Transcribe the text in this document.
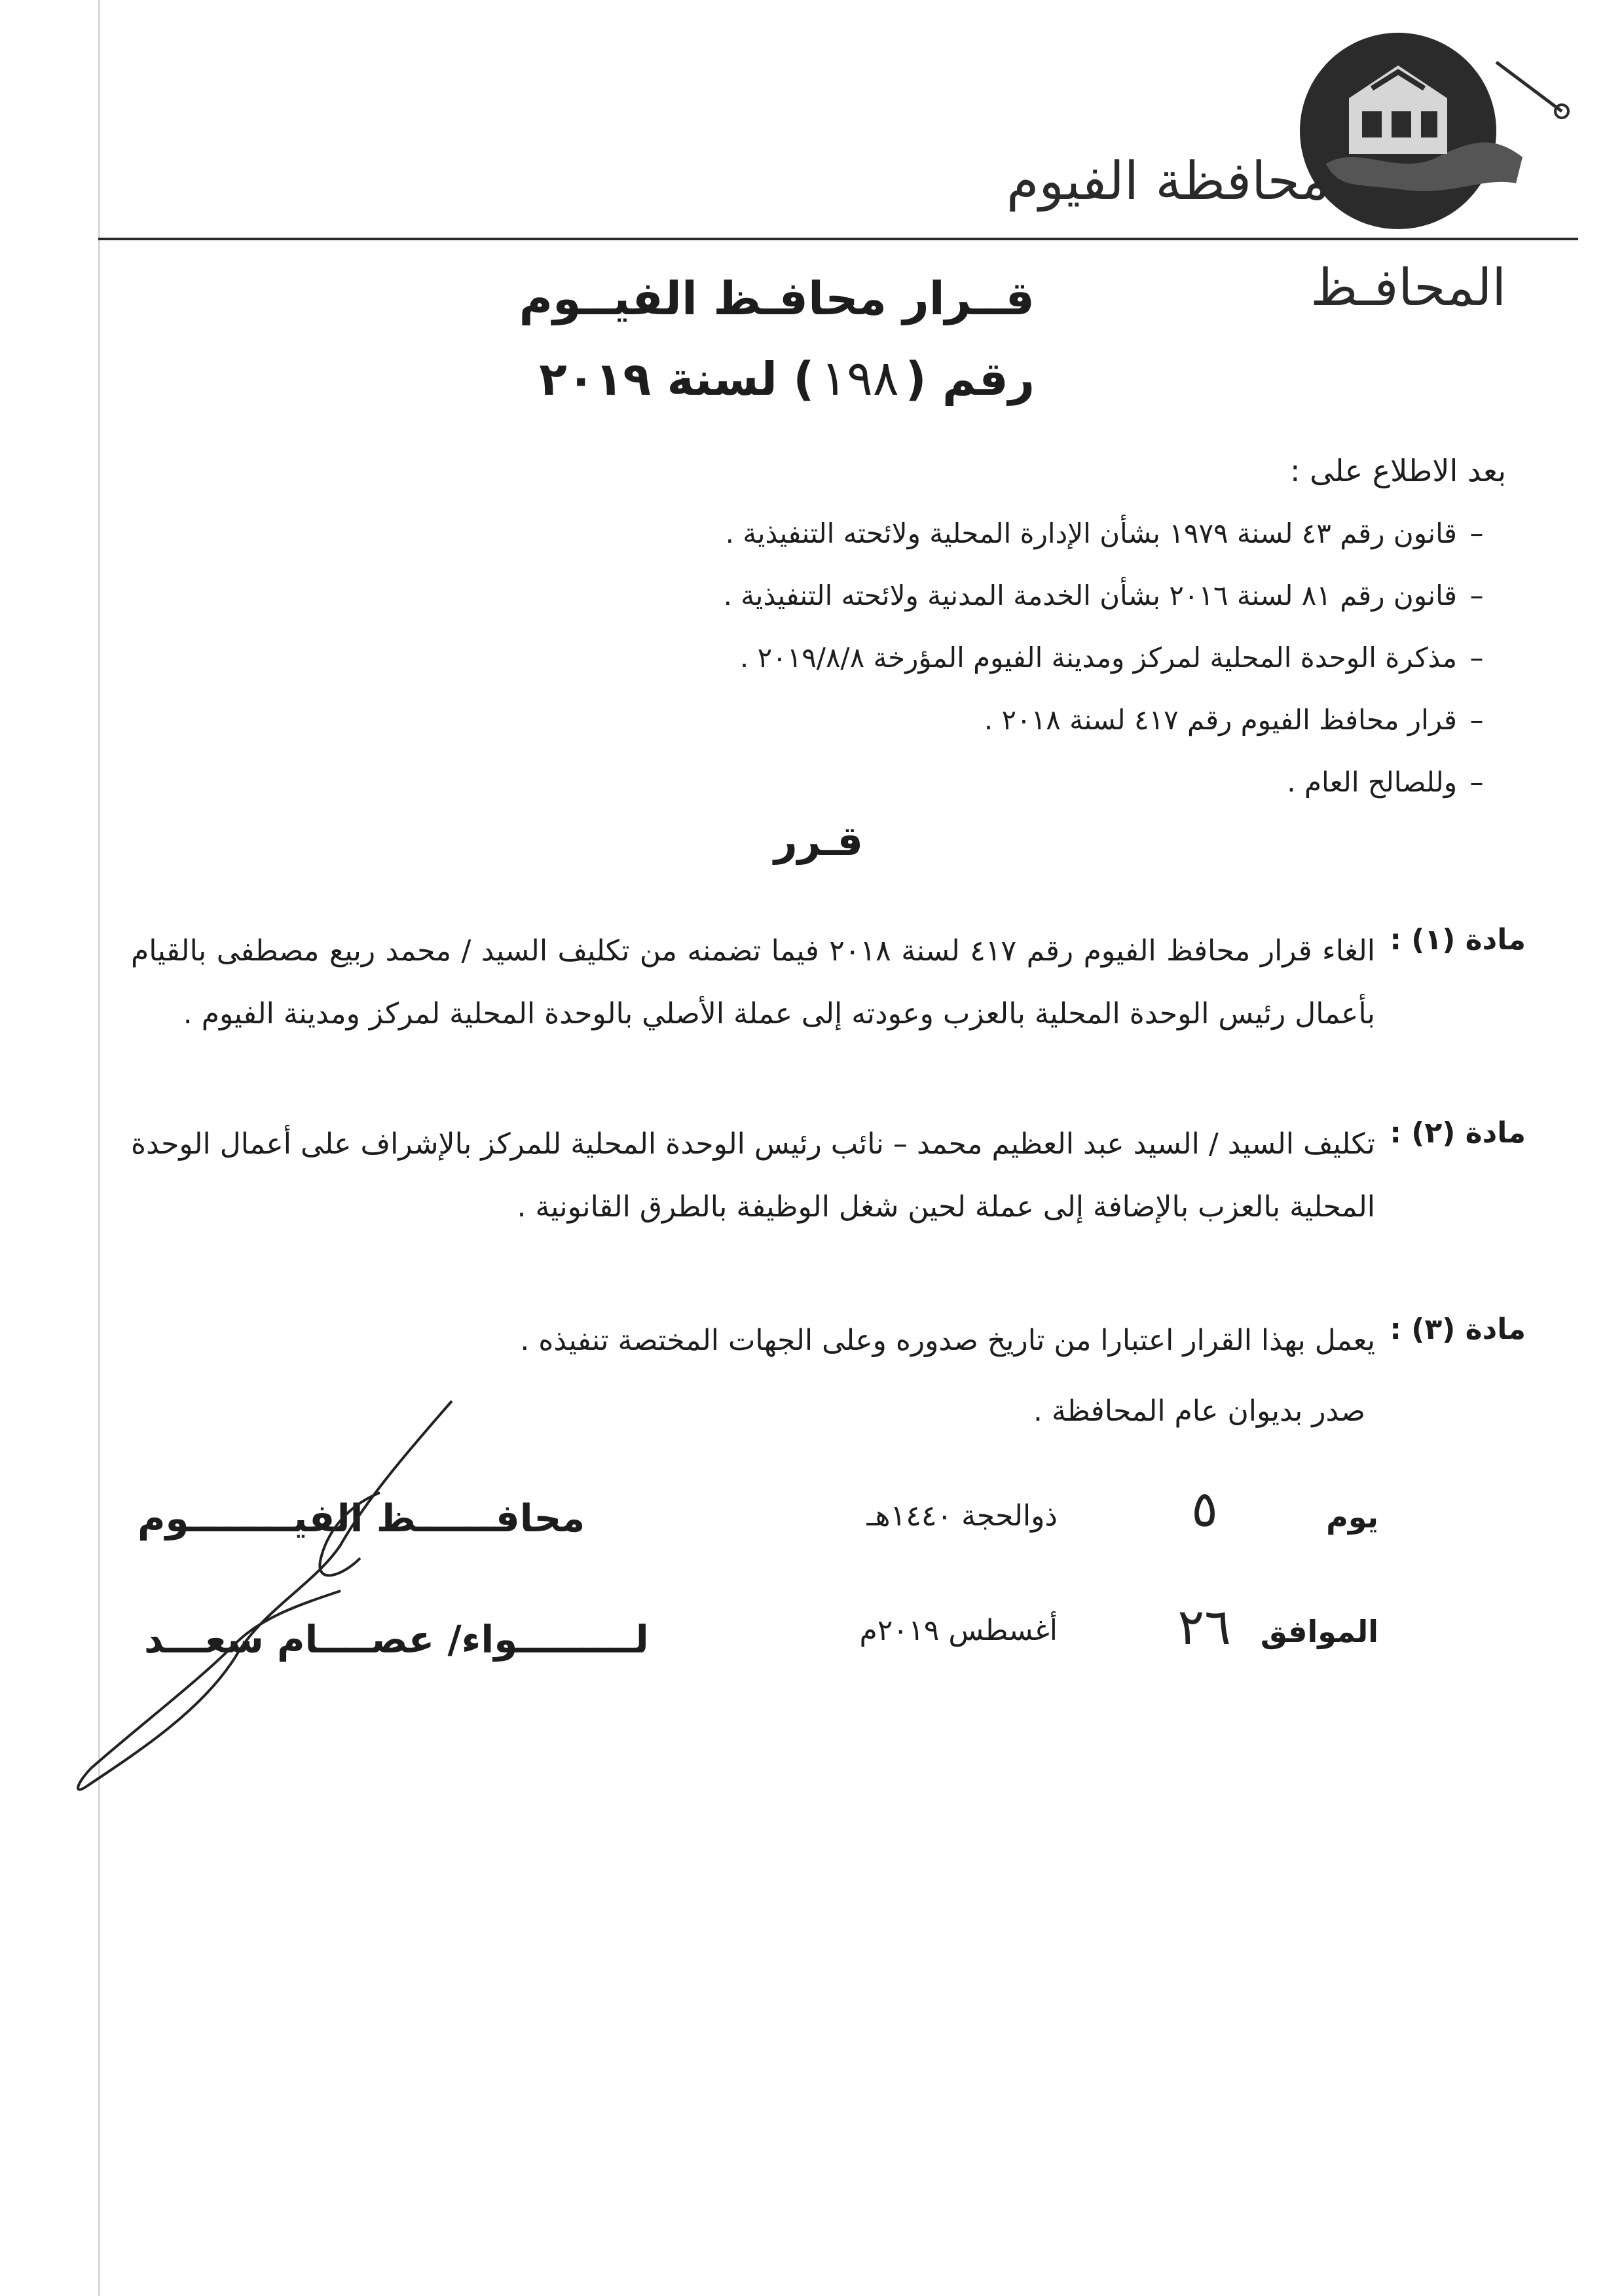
محافظة الفيوم
المحافـظ
قــرار محافـظ الفيــوم
رقم (١٩٨) لسنة ٢٠١٩
بعد الاطلاع على :
–قانون رقم ٤٣ لسنة ١٩٧٩ بشأن الإدارة المحلية ولائحته التنفيذية .
–قانون رقم ٨١ لسنة ٢٠١٦ بشأن الخدمة المدنية ولائحته التنفيذية .
–مذكرة الوحدة المحلية لمركز ومدينة الفيوم المؤرخة ٢٠١٩/٨/٨ .
–قرار محافظ الفيوم رقم ٤١٧ لسنة ٢٠١٨ .
–وللصالح العام .
قـرر
مادة (١) :
الغاء قرار محافظ الفيوم رقم ٤١٧ لسنة ٢٠١٨ فيما تضمنه من تكليف السيد / محمد ربيع مصطفى بالقيام بأعمال رئيس الوحدة المحلية بالعزب وعودته إلى عملة الأصلي بالوحدة المحلية لمركز ومدينة الفيوم .
مادة (٢) :
تكليف السيد / السيد عبد العظيم محمد – نائب رئيس الوحدة المحلية للمركز بالإشراف على أعمال الوحدة المحلية بالعزب بالإضافة إلى عملة لحين شغل الوظيفة بالطرق القانونية .
مادة (٣) :
يعمل بهذا القرار اعتبارا من تاريخ صدوره وعلى الجهات المختصة تنفيذه .
صدر بديوان عام المحافظة .
يوم
٥
ذوالحجة ١٤٤٠هـ
الموافق
٢٦
أغسطس ٢٠١٩م
محافــــــظ الفيــــــــوم
لـــــــــواء/ عصــــام سعـــد
